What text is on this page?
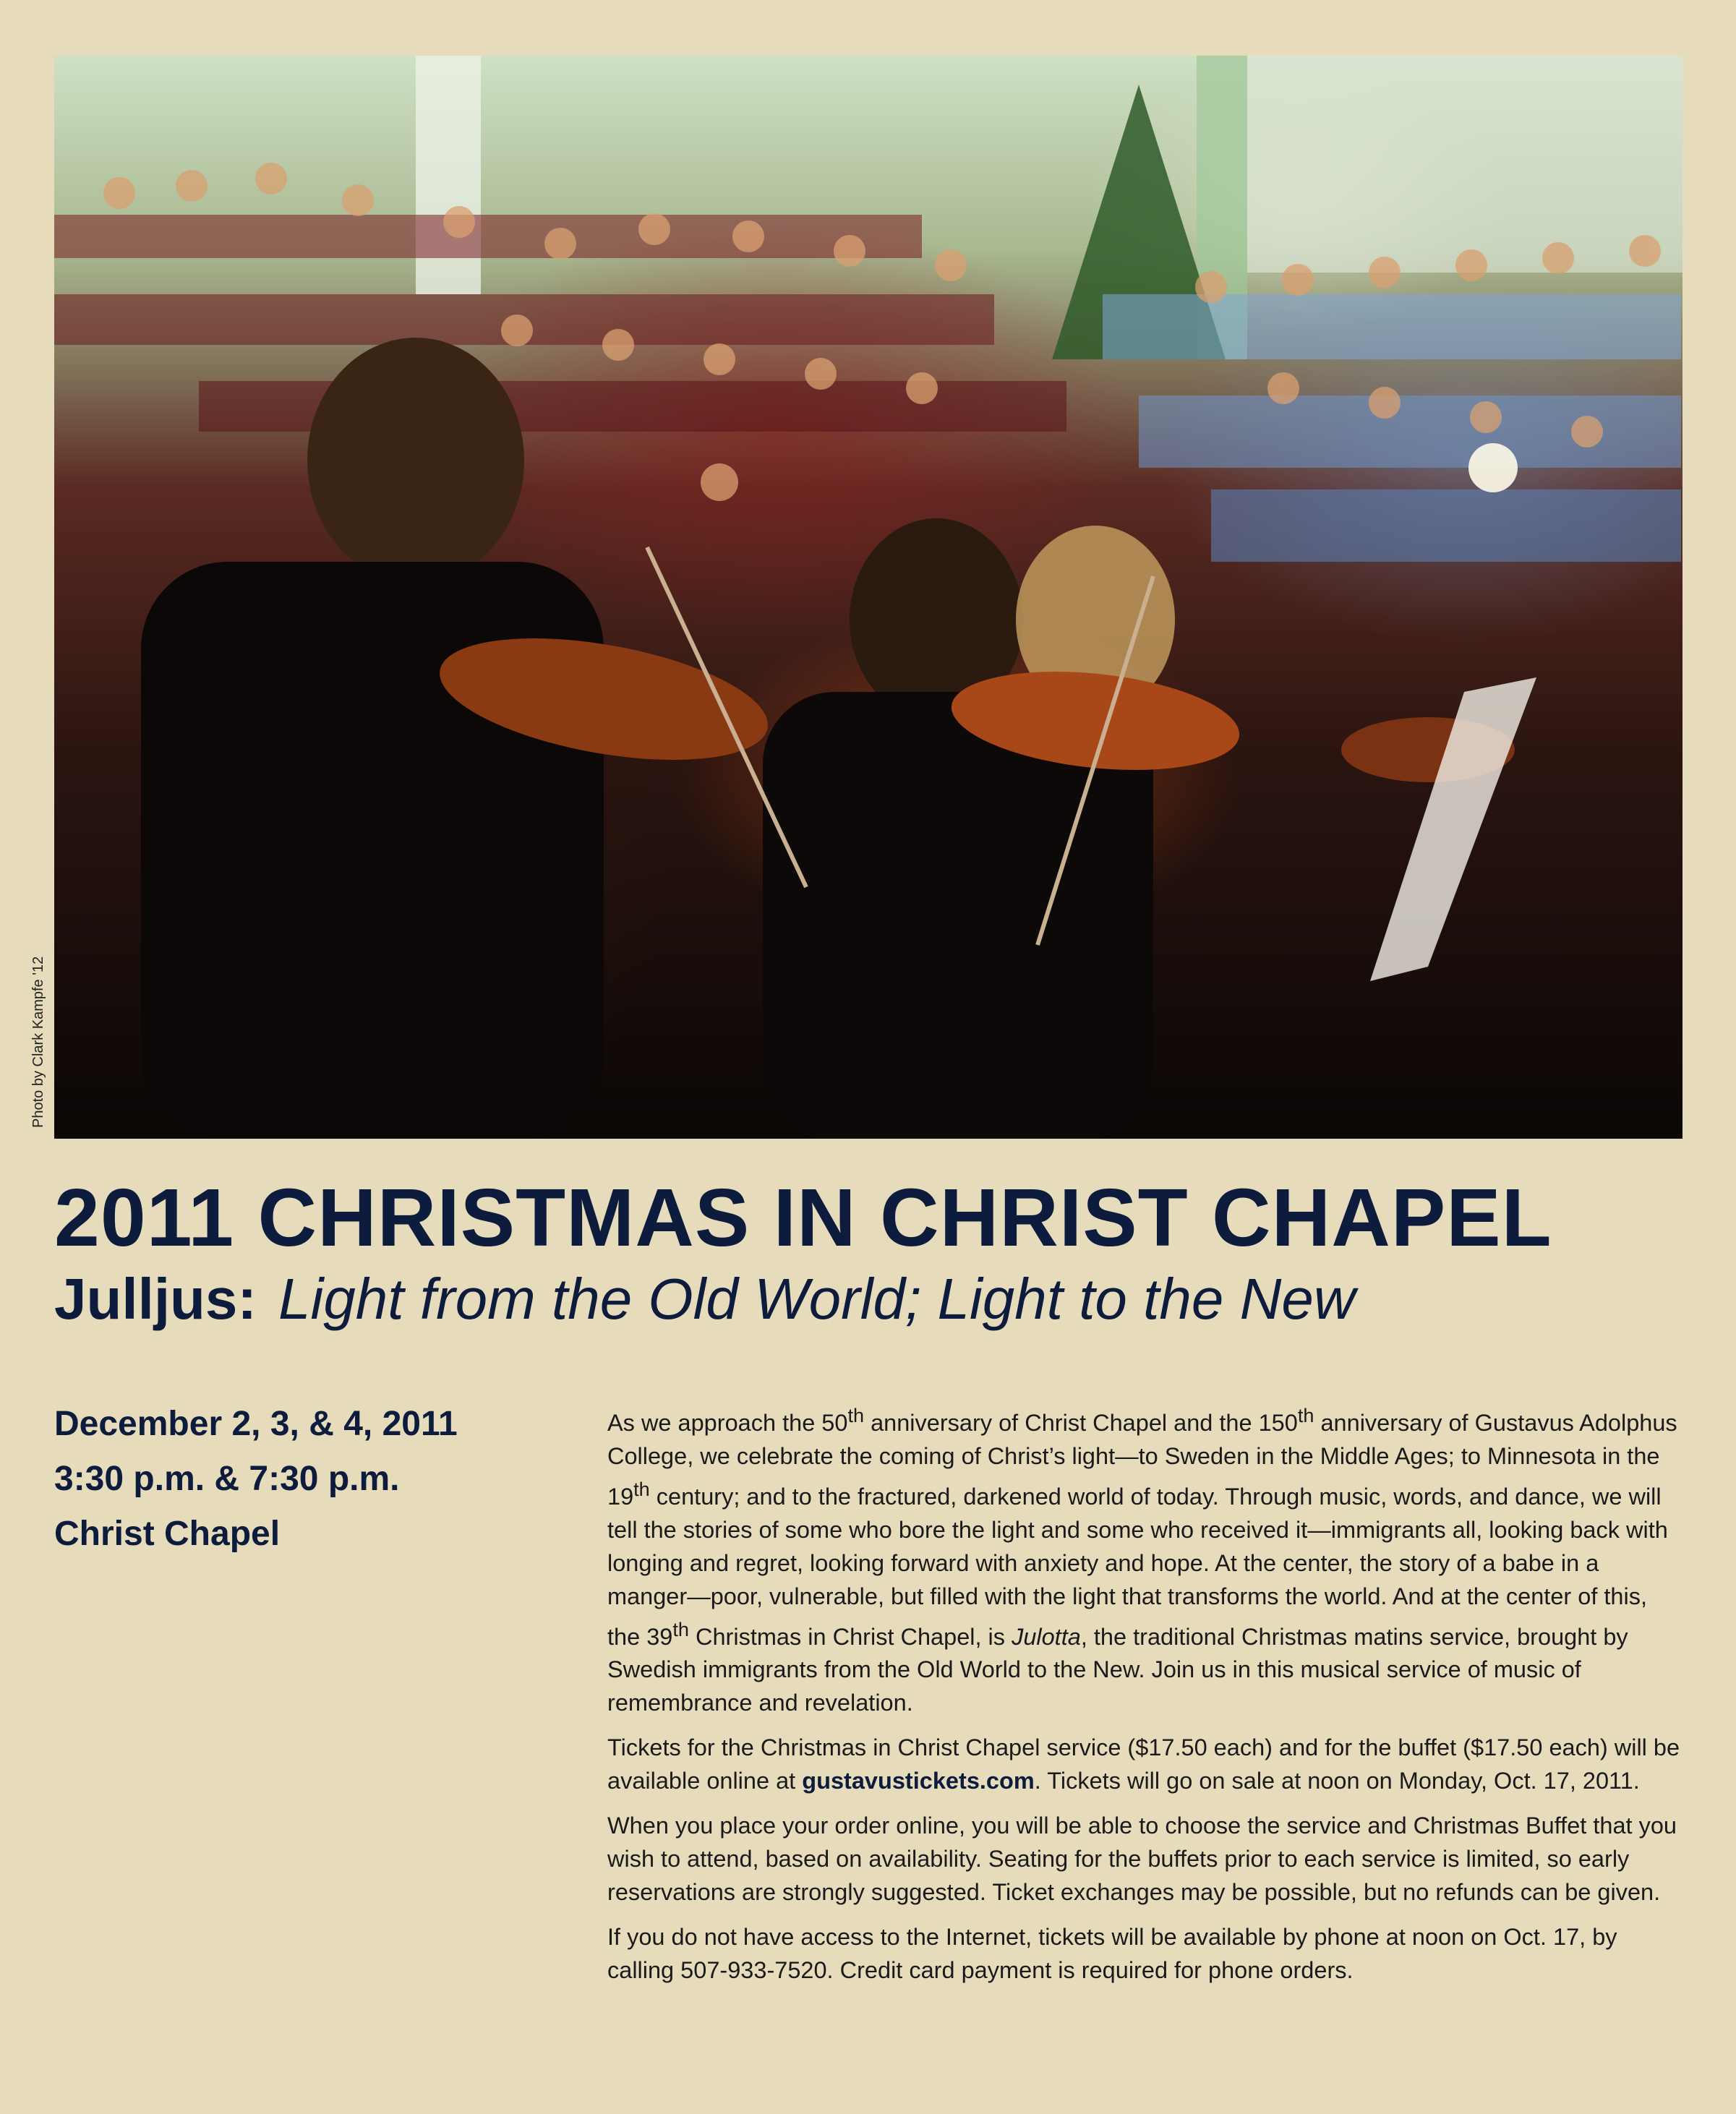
Photo by Clark Kampfe '12
2011 CHRISTMAS IN CHRIST CHAPEL
Julljus: Light from the Old World; Light to the New
December 2, 3, & 4, 2011
3:30 p.m. & 7:30 p.m.
Christ Chapel

As we approach the 50th anniversary of Christ Chapel and the 150th anniversary of Gustavus Adolphus College, we celebrate the coming of Christ’s light—to Sweden in the Middle Ages; to Minnesota in the 19th century; and to the fractured, darkened world of today. Through music, words, and dance, we will tell the stories of some who bore the light and some who received it—immigrants all, looking back with longing and regret, looking forward with anxiety and hope. At the center, the story of a babe in a manger—poor, vulnerable, but filled with the light that transforms the world. And at the center of this, the 39th Christmas in Christ Chapel, is Julotta, the traditional Christmas matins service, brought by Swedish immigrants from the Old World to the New. Join us in this musical service of music of remembrance and revelation.

Tickets for the Christmas in Christ Chapel service ($17.50 each) and for the buffet ($17.50 each) will be available online at gustavustickets.com. Tickets will go on sale at noon on Monday, Oct. 17, 2011.

When you place your order online, you will be able to choose the service and Christmas Buffet that you wish to attend, based on availability. Seating for the buffets prior to each service is limited, so early reservations are strongly suggested. Ticket exchanges may be possible, but no refunds can be given.

If you do not have access to the Internet, tickets will be available by phone at noon on Oct. 17, by calling 507-933-7520. Credit card payment is required for phone orders.
